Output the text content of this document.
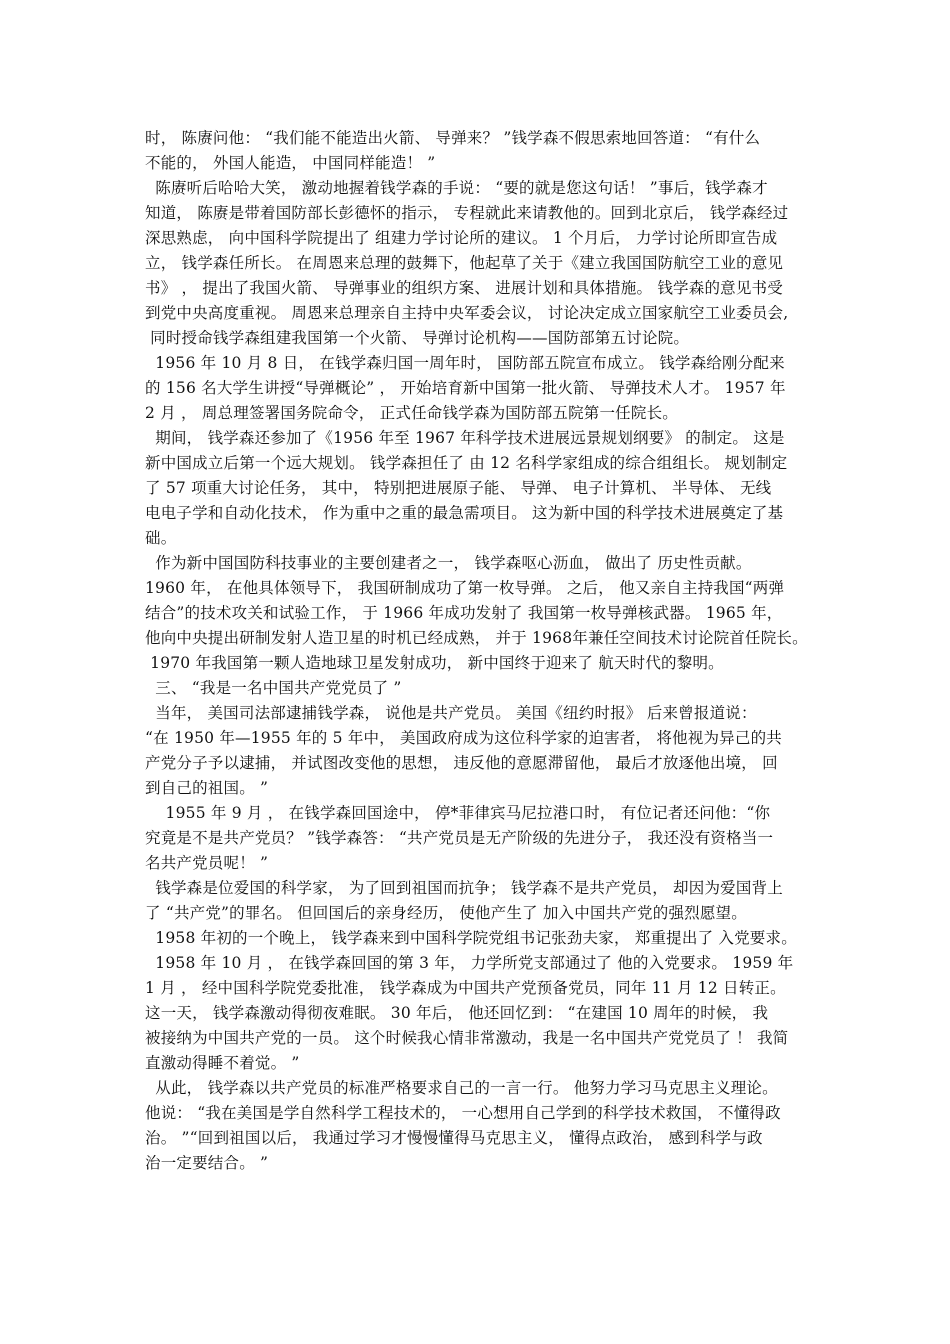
时， 陈赓问他： “我们能不能造出火箭、 导弹来？ ”钱学森不假思索地回答道： “有什么
不能的， 外国人能造， 中国同样能造！ ”
陈赓听后哈哈大笑， 激动地握着钱学森的手说： “要的就是您这句话！ ”事后，钱学森才
知道， 陈赓是带着国防部长彭德怀的指示， 专程就此来请教他的。回到北京后， 钱学森经过
深思熟虑， 向中国科学院提出了 组建力学讨论所的建议。 1 个月后， 力学讨论所即宣告成
立， 钱学森任所长。 在周恩来总理的鼓舞下，他起草了关于《建立我国国防航空工业的意见
书》 ， 提出了我国火箭、 导弹事业的组织方案、 进展计划和具体措施。 钱学森的意见书受
到党中央高度重视。 周恩来总理亲自主持中央军委会议， 讨论决定成立国家航空工业委员会,
同时授命钱学森组建我国第一个火箭、 导弹讨论机构——国防部第五讨论院。
1956 年 10 月 8 日， 在钱学森归国一周年时， 国防部五院宣布成立。 钱学森给刚分配来
的 156 名大学生讲授“导弹概论” ， 开始培育新中国第一批火箭、 导弹技术人才。 1957 年
2 月 ， 周总理签署国务院命令， 正式任命钱学森为国防部五院第一任院长。
期间， 钱学森还参加了《1956 年至 1967 年科学技术进展远景规划纲要》 的制定。 这是
新中国成立后第一个远大规划。 钱学森担任了 由 12 名科学家组成的综合组组长。 规划制定
了 57 项重大讨论任务， 其中， 特别把进展原子能、 导弹、 电子计算机、 半导体、 无线
电电子学和自动化技术， 作为重中之重的最急需项目。 这为新中国的科学技术进展奠定了基
础。
作为新中国国防科技事业的主要创建者之一， 钱学森呕心沥血， 做出了 历史性贡献。
1960 年， 在他具体领导下， 我国研制成功了第一枚导弹。 之后， 他又亲自主持我国“两弹
结合”的技术攻关和试验工作， 于 1966 年成功发射了 我国第一枚导弹核武器。 1965 年，
他向中央提出研制发射人造卫星的时机已经成熟， 并于 1968年兼任空间技术讨论院首任院长。
1970 年我国第一颗人造地球卫星发射成功， 新中国终于迎来了 航天时代的黎明。
三、 “我是一名中国共产党党员了 ”
当年， 美国司法部逮捕钱学森， 说他是共产党员。 美国《纽约时报》 后来曾报道说：
“在 1950 年—1955 年的 5 年中， 美国政府成为这位科学家的迫害者， 将他视为异己的共
产党分子予以逮捕， 并试图改变他的思想， 违反他的意愿滞留他， 最后才放逐他出境， 回
到自己的祖国。 ”
1955 年 9 月 ， 在钱学森回国途中， 停*菲律宾马尼拉港口时， 有位记者还问他：“你
究竟是不是共产党员？ ”钱学森答： “共产党员是无产阶级的先进分子， 我还没有资格当一
名共产党员呢！ ”
钱学森是位爱国的科学家， 为了回到祖国而抗争； 钱学森不是共产党员， 却因为爱国背上
了 “共产党”的罪名。 但回国后的亲身经历， 使他产生了 加入中国共产党的强烈愿望。
1958 年初的一个晚上， 钱学森来到中国科学院党组书记张劲夫家， 郑重提出了 入党要求。
1958 年 10 月 ， 在钱学森回国的第 3 年， 力学所党支部通过了 他的入党要求。 1959 年
1 月 ， 经中国科学院党委批准， 钱学森成为中国共产党预备党员，同年 11 月 12 日转正。
这一天， 钱学森激动得彻夜难眠。 30 年后， 他还回忆到： “在建国 10 周年的时候， 我
被接纳为中国共产党的一员。 这个时候我心情非常激动，我是一名中国共产党党员了 ！ 我简
直激动得睡不着觉。 ”
从此， 钱学森以共产党员的标准严格要求自己的一言一行。 他努力学习马克思主义理论。
他说： “我在美国是学自然科学工程技术的， 一心想用自己学到的科学技术救国， 不懂得政
治。 ”“回到祖国以后， 我通过学习才慢慢懂得马克思主义， 懂得点政治， 感到科学与政
治一定要结合。 ”
